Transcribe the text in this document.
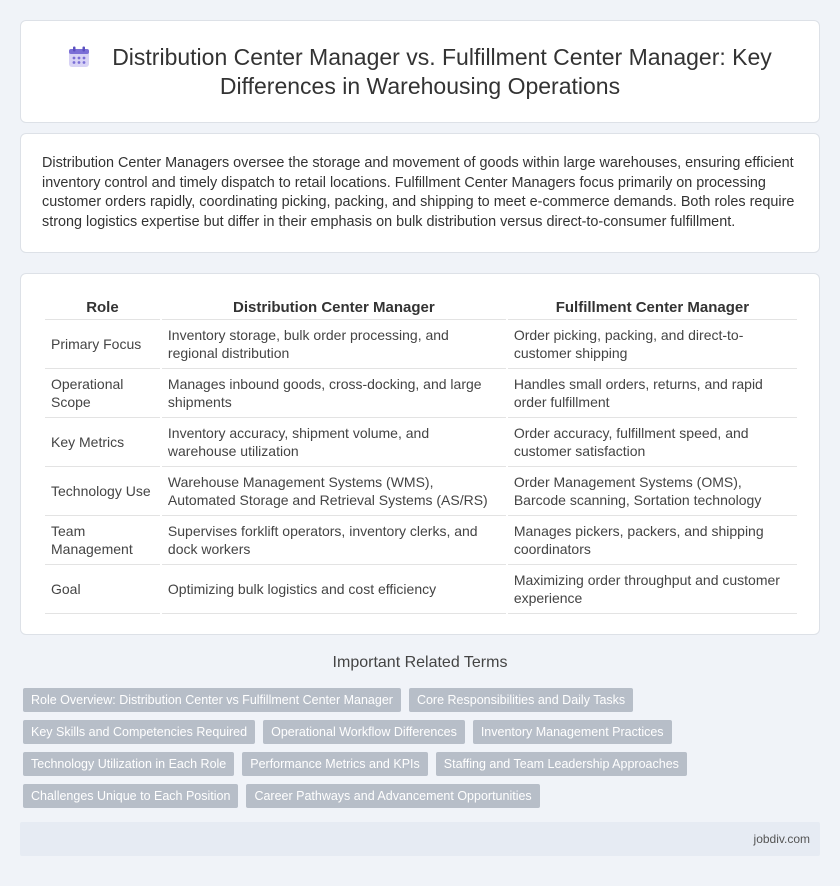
Distribution Center Manager vs. Fulfillment Center Manager: Key Differences in Warehousing Operations

Distribution Center Managers oversee the storage and movement of goods within large warehouses, ensuring efficient inventory control and timely dispatch to retail locations. Fulfillment Center Managers focus primarily on processing customer orders rapidly, coordinating picking, packing, and shipping to meet e-commerce demands. Both roles require strong logistics expertise but differ in their emphasis on bulk distribution versus direct-to-consumer fulfillment.

Role	Distribution Center Manager	Fulfillment Center Manager
Primary Focus	Inventory storage, bulk order processing, and regional distribution	Order picking, packing, and direct-to-customer shipping
Operational Scope	Manages inbound goods, cross-docking, and large shipments	Handles small orders, returns, and rapid order fulfillment
Key Metrics	Inventory accuracy, shipment volume, and warehouse utilization	Order accuracy, fulfillment speed, and customer satisfaction
Technology Use	Warehouse Management Systems (WMS), Automated Storage and Retrieval Systems (AS/RS)	Order Management Systems (OMS), Barcode scanning, Sortation technology
Team Management	Supervises forklift operators, inventory clerks, and dock workers	Manages pickers, packers, and shipping coordinators
Goal	Optimizing bulk logistics and cost efficiency	Maximizing order throughput and customer experience
Important Related Terms
Role Overview: Distribution Center vs Fulfillment Center Manager	Core Responsibilities and Daily Tasks
Key Skills and Competencies Required	Operational Workflow Differences	Inventory Management Practices
Technology Utilization in Each Role	Performance Metrics and KPIs	Staffing and Team Leadership Approaches
Challenges Unique to Each Position	Career Pathways and Advancement Opportunities
jobdiv.com
